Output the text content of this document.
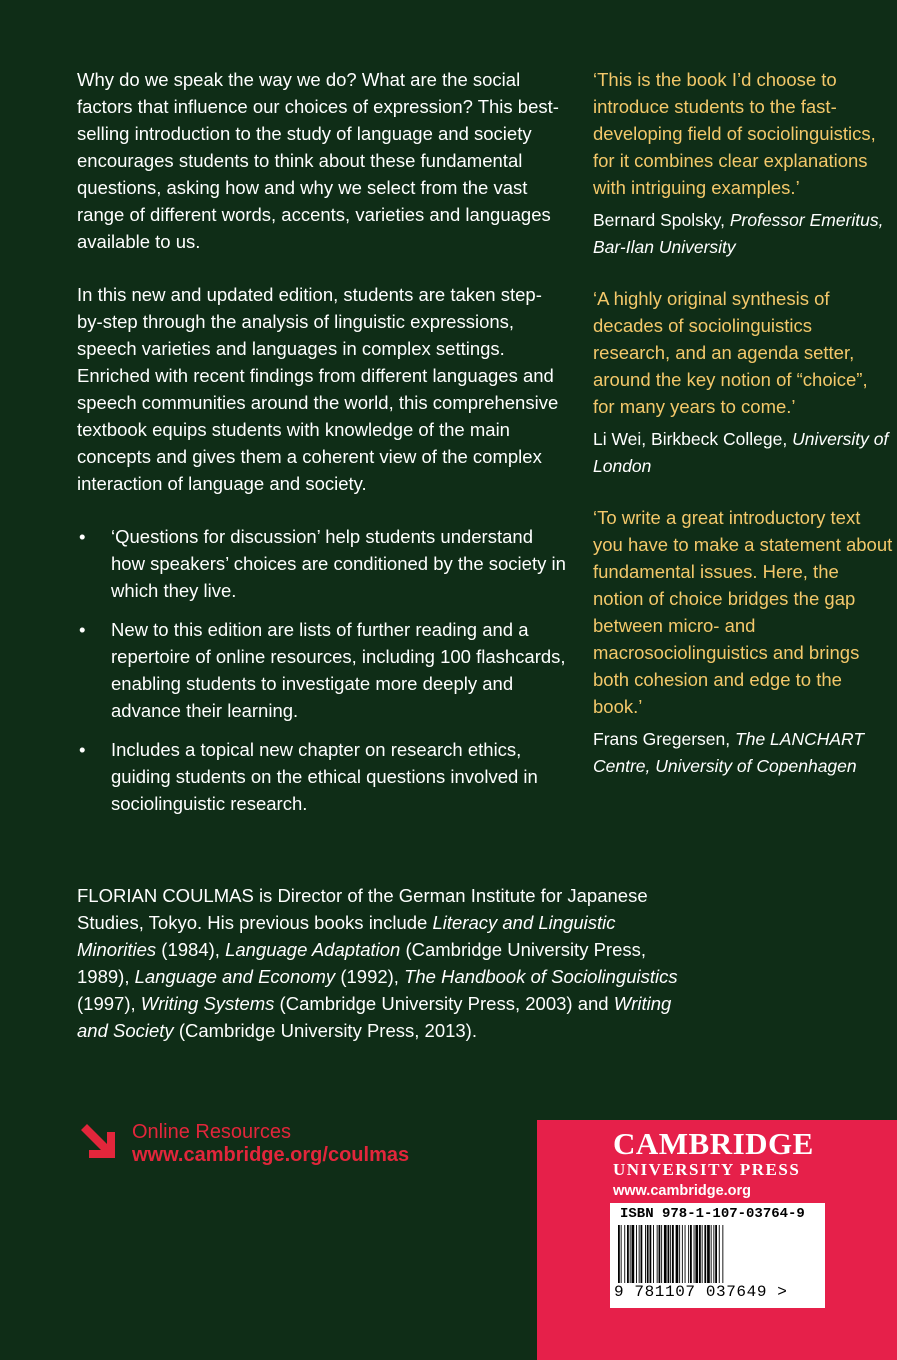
Why do we speak the way we do? What are the social factors that influence our choices of expression? This best-selling introduction to the study of language and society encourages students to think about these fundamental questions, asking how and why we select from the vast range of different words, accents, varieties and languages available to us.

In this new and updated edition, students are taken step-by-step through the analysis of linguistic expressions, speech varieties and languages in complex settings. Enriched with recent findings from different languages and speech communities around the world, this comprehensive textbook equips students with knowledge of the main concepts and gives them a coherent view of the complex interaction of language and society.

• ‘Questions for discussion’ help students understand how speakers’ choices are conditioned by the society in which they live.
• New to this edition are lists of further reading and a repertoire of online resources, including 100 flashcards, enabling students to investigate more deeply and advance their learning.
• Includes a topical new chapter on research ethics, guiding students on the ethical questions involved in sociolinguistic research.
‘This is the book I’d choose to introduce students to the fast-developing field of sociolinguistics, for it combines clear explanations with intriguing examples.’
Bernard Spolsky, Professor Emeritus, Bar-Ilan University
‘A highly original synthesis of decades of sociolinguistics research, and an agenda setter, around the key notion of “choice”, for many years to come.’
Li Wei, Birkbeck College, University of London
‘To write a great introductory text you have to make a statement about fundamental issues. Here, the notion of choice bridges the gap between micro- and macrosociolinguistics and brings both cohesion and edge to the book.’
Frans Gregersen, The LANCHART Centre, University of Copenhagen
FLORIAN COULMAS is Director of the German Institute for Japanese Studies, Tokyo. His previous books include Literacy and Linguistic Minorities (1984), Language Adaptation (Cambridge University Press, 1989), Language and Economy (1992), The Handbook of Sociolinguistics (1997), Writing Systems (Cambridge University Press, 2003) and Writing and Society (Cambridge University Press, 2013).
Online Resources
www.cambridge.org/coulmas	CAMBRIDGE
UNIVERSITY PRESS
www.cambridge.org
ISBN 978-1-107-03764-9
9 781107 037649 >
